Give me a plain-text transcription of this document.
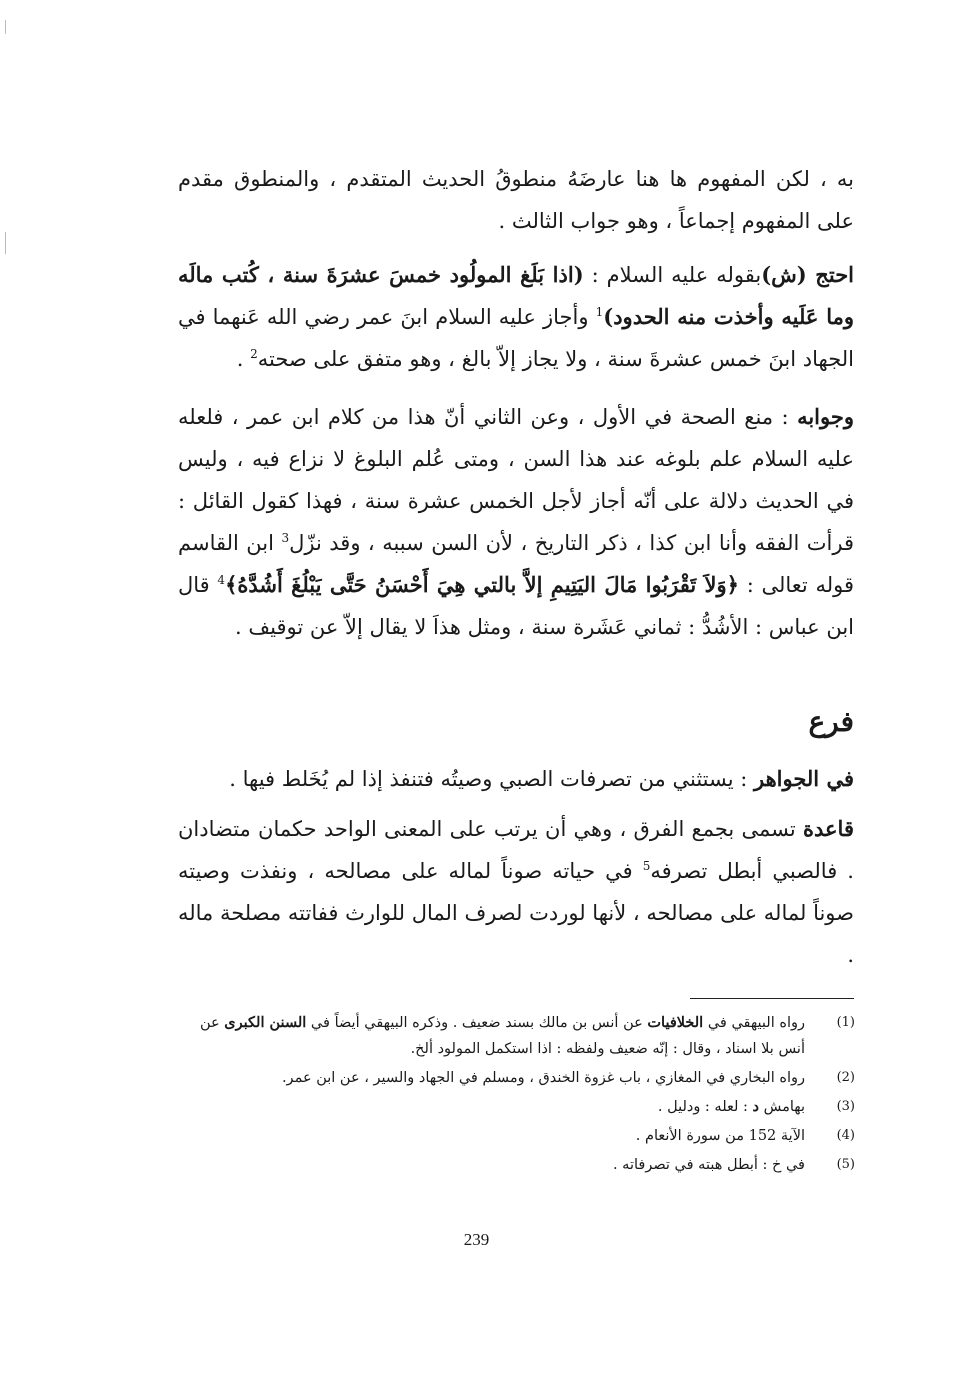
به ، لكن المفهوم ها هنا عارضَهُ منطوقُ الحديث المتقدم ، والمنطوق مقدم على المفهوم إجماعاً ، وهو جواب الثالث .

احتج (ش)بقوله عليه السلام : (اذا بَلَغ المولُود خمسَ عشرَةَ سنة ، كُتب مالَه وما عَلَيه وأخذت منه الحدود)$^1$ وأجاز عليه السلام ابنَ عمر رضي الله عَنهما في الجهاد ابنَ خمس عشرةَ سنة ، ولا يجاز إلاّ بالغ ، وهو متفق على صحته$^2$ .

وجوابه : منع الصحة في الأول ، وعن الثاني أنّ هذا من كلام ابن عمر ، فلعله عليه السلام علم بلوغه عند هذا السن ، ومتى عُلم البلوغ لا نزاع فيه ، وليس في الحديث دلالة على أنّه أجاز لأجل الخمس عشرة سنة ، فهذا كقول القائل : قرأت الفقه وأنا ابن كذا ، ذكر التاريخ ، لأن السن سببه ، وقد نزّل$^3$ ابن القاسم قوله تعالى : ﴿وَلاَ تَقْرَبُوا مَالَ اليَتِيمِ إلاَّ بالتي هِيَ أَحْسَنُ حَتَّى يَبْلُغَ أَشُدَّهُ﴾$^4$ قال ابن عباس : الأشُدُّ : ثماني عَشَرة سنة ، ومثل هذاَ لا يقال إلاّ عن توقيف .

فرع

في الجواهر : يستثني من تصرفات الصبي وصيتُه فتنفذ إذا لم يُخَلط فيها .

قاعدة تسمى بجمع الفرق ، وهي أن يرتب على المعنى الواحد حكمان متضادان . فالصبي أبطل تصرفه$^5$ في حياته صوناً لماله على مصالحه ، ونفذت وصيته صوناً لماله على مصالحه ، لأنها لوردت لصرف المال للوارث ففاتته مصلحة ماله .

(1)
رواه البيهقي في الخلافيات عن أنس بن مالك بسند ضعيف . وذكره البيهقي أيضاً في السنن الكبرى عن أنس بلا اسناد ، وقال : إنّه ضعيف ولفظه : اذا استكمل المولود ألخ.

(2)
رواه البخاري في المغازي ، باب غزوة الخندق ، ومسلم في الجهاد والسير ، عن ابن عمر.

(3)
بهامش د : لعله : ودليل .

(4)
الآية 152 من سورة الأنعام .

(5)
في خ : أبطل هبته في تصرفاته .

239
